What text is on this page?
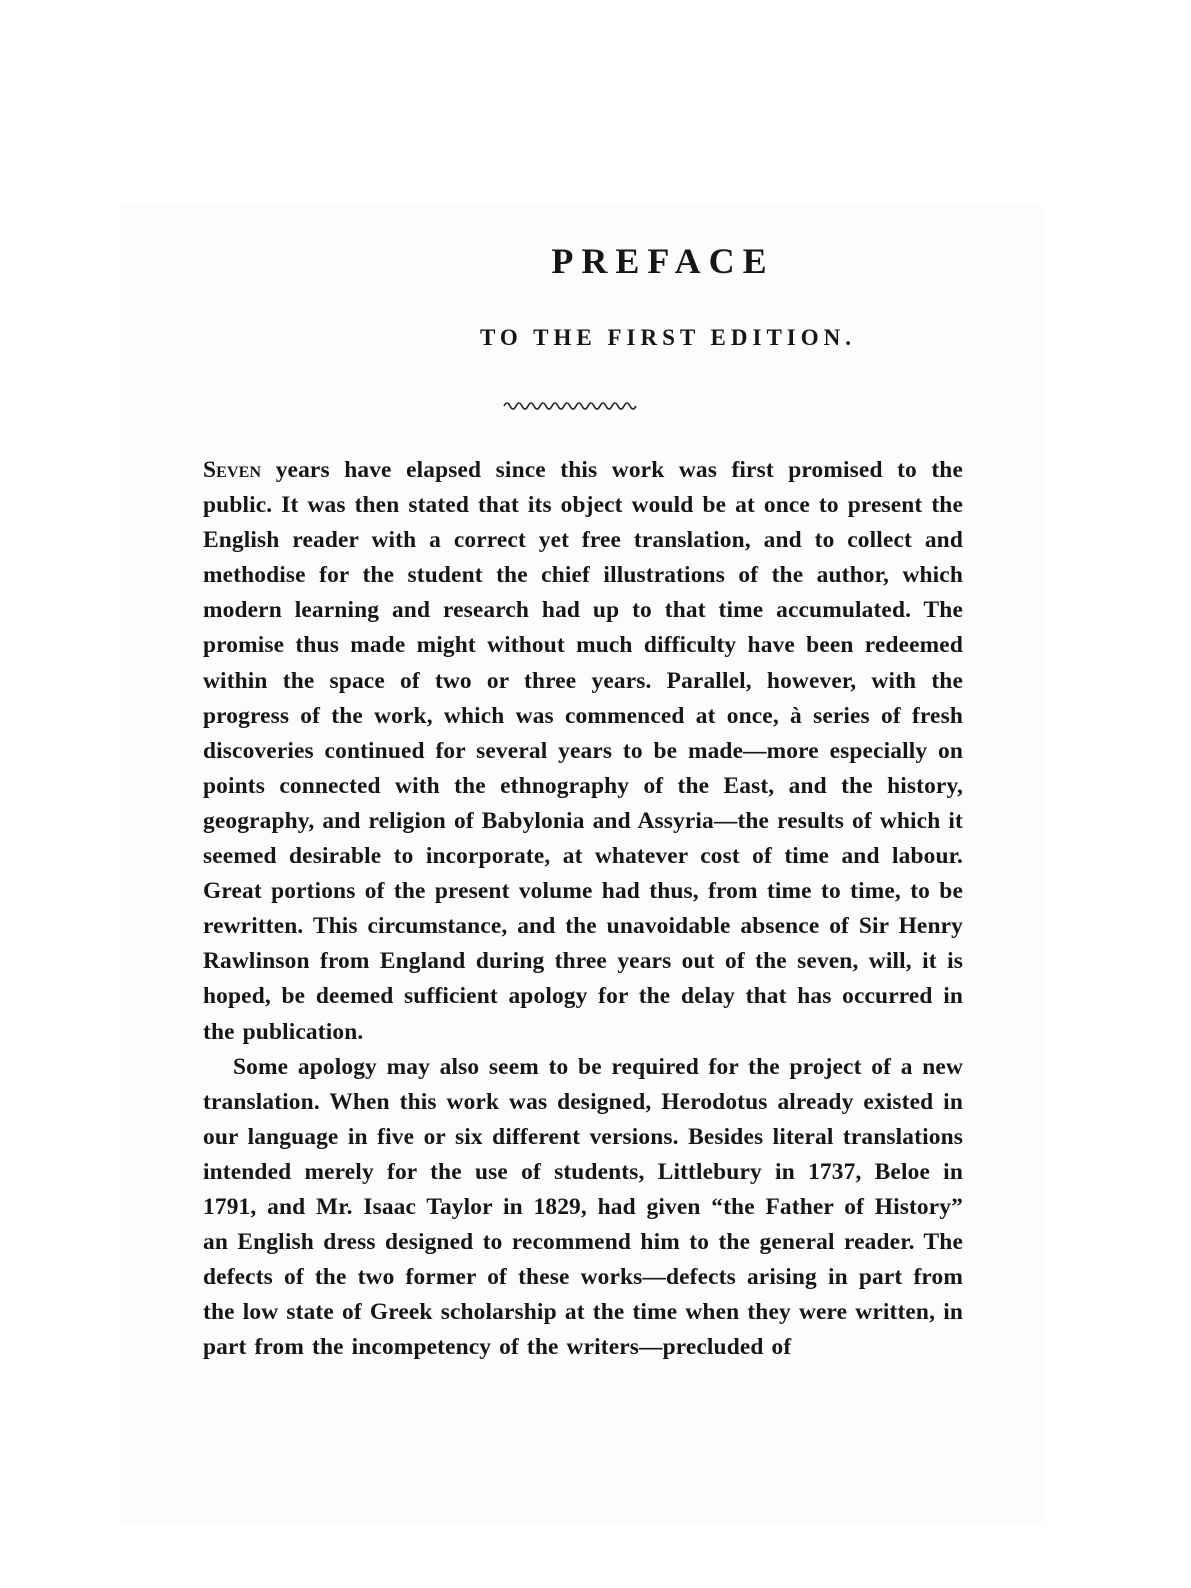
PREFACE
TO THE FIRST EDITION.

Seven years have elapsed since this work was first promised to the public. It was then stated that its object would be at once to present the English reader with a correct yet free translation, and to collect and methodise for the student the chief illustrations of the author, which modern learning and research had up to that time accumulated. The promise thus made might without much difficulty have been redeemed within the space of two or three years. Parallel, however, with the progress of the work, which was commenced at once, à series of fresh discoveries continued for several years to be made—more especially on points connected with the ethnography of the East, and the history, geography, and religion of Babylonia and Assyria—the results of which it seemed desirable to incorporate, at whatever cost of time and labour. Great portions of the present volume had thus, from time to time, to be rewritten. This circumstance, and the unavoidable absence of Sir Henry Rawlinson from England during three years out of the seven, will, it is hoped, be deemed sufficient apology for the delay that has occurred in the publication.

Some apology may also seem to be required for the project of a new translation. When this work was designed, Herodotus already existed in our language in five or six different versions. Besides literal translations intended merely for the use of students, Littlebury in 1737, Beloe in 1791, and Mr. Isaac Taylor in 1829, had given “the Father of History” an English dress designed to recommend him to the general reader. The defects of the two former of these works—defects arising in part from the low state of Greek scholarship at the time when they were written, in part from the incompetency of the writers—precluded of
